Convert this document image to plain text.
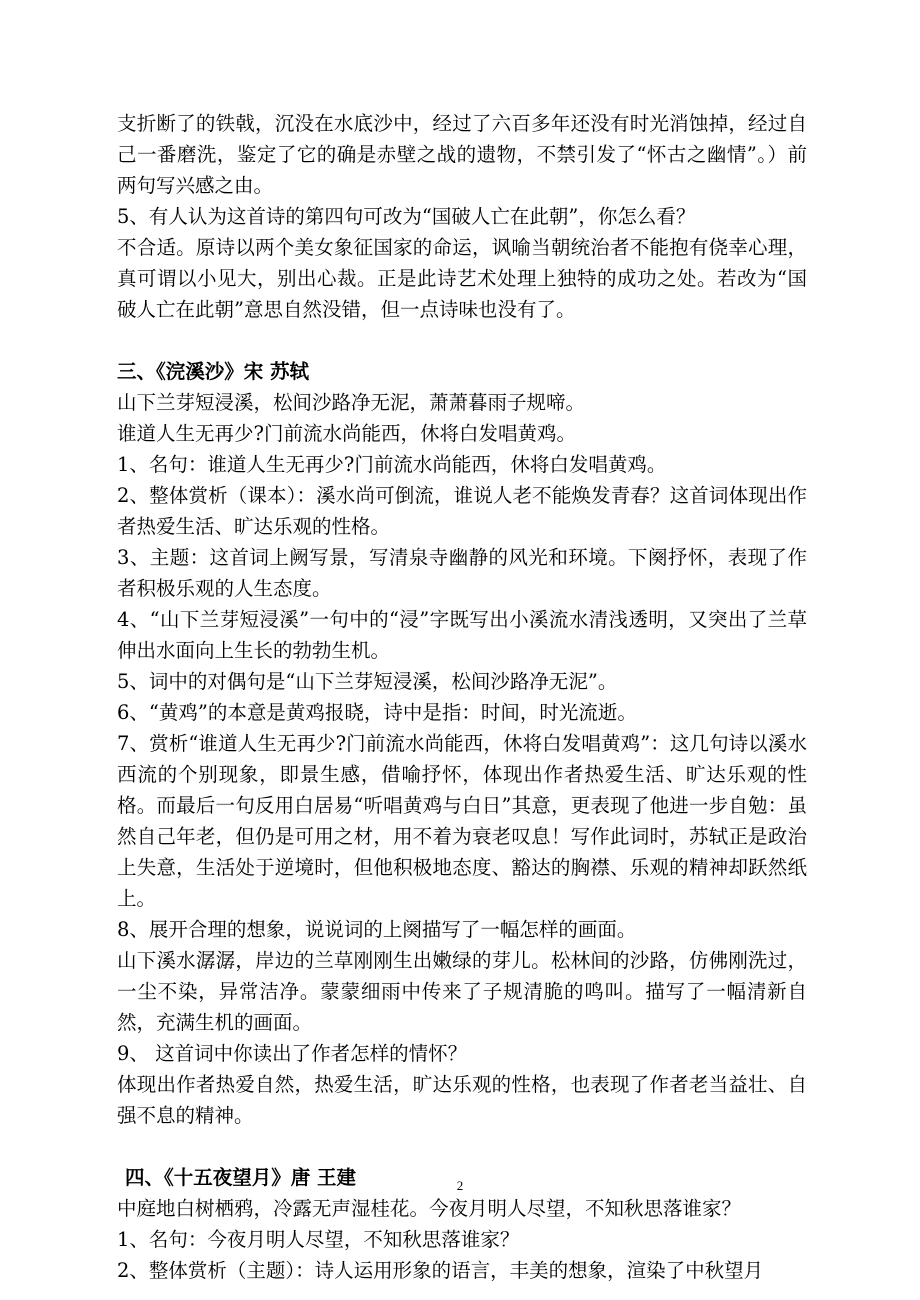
支折断了的铁戟，沉没在水底沙中，经过了六百多年还没有时光消蚀掉，经过自己一番磨洗，鉴定了它的确是赤壁之战的遗物，不禁引发了“怀古之幽情”。）前两句写兴感之由。

5、有人认为这首诗的第四句可改为“国破人亡在此朝”，你怎么看？

不合适。原诗以两个美女象征国家的命运，讽喻当朝统治者不能抱有侥幸心理，真可谓以小见大，别出心裁。正是此诗艺术处理上独特的成功之处。若改为“国破人亡在此朝”意思自然没错，但一点诗味也没有了。

三、《浣溪沙》宋 苏轼

山下兰芽短浸溪，松间沙路净无泥，萧萧暮雨子规啼。

谁道人生无再少?门前流水尚能西，休将白发唱黄鸡。

1、名句：谁道人生无再少?门前流水尚能西，休将白发唱黄鸡。

2、整体赏析（课本）：溪水尚可倒流，谁说人老不能焕发青春？这首词体现出作者热爱生活、旷达乐观的性格。

3、主题：这首词上阙写景，写清泉寺幽静的风光和环境。下阕抒怀，表现了作者积极乐观的人生态度。

4、“山下兰芽短浸溪”一句中的“浸”字既写出小溪流水清浅透明，又突出了兰草伸出水面向上生长的勃勃生机。

5、词中的对偶句是“山下兰芽短浸溪，松间沙路净无泥”。

6、“黄鸡”的本意是黄鸡报晓，诗中是指：时间，时光流逝。

7、赏析“谁道人生无再少?门前流水尚能西，休将白发唱黄鸡”：这几句诗以溪水西流的个别现象，即景生感，借喻抒怀，体现出作者热爱生活、旷达乐观的性格。而最后一句反用白居易“听唱黄鸡与白日”其意，更表现了他进一步自勉：虽然自己年老，但仍是可用之材，用不着为衰老叹息！写作此词时，苏轼正是政治上失意，生活处于逆境时，但他积极地态度、豁达的胸襟、乐观的精神却跃然纸上。

8、展开合理的想象，说说词的上阕描写了一幅怎样的画面。

山下溪水潺潺，岸边的兰草刚刚生出嫩绿的芽儿。松林间的沙路，仿佛刚洗过，一尘不染，异常洁净。蒙蒙细雨中传来了子规清脆的鸣叫。描写了一幅清新自然，充满生机的画面。

9、 这首词中你读出了作者怎样的情怀？

体现出作者热爱自然，热爱生活，旷达乐观的性格，也表现了作者老当益壮、自强不息的精神。

四、《十五夜望月》唐 王建

中庭地白树栖鸦，冷露无声湿桂花。今夜月明人尽望，不知秋思落谁家？

1、名句：今夜月明人尽望，不知秋思落谁家？

2、整体赏析（主题）：诗人运用形象的语言，丰美的想象，渲染了中秋望月

2
